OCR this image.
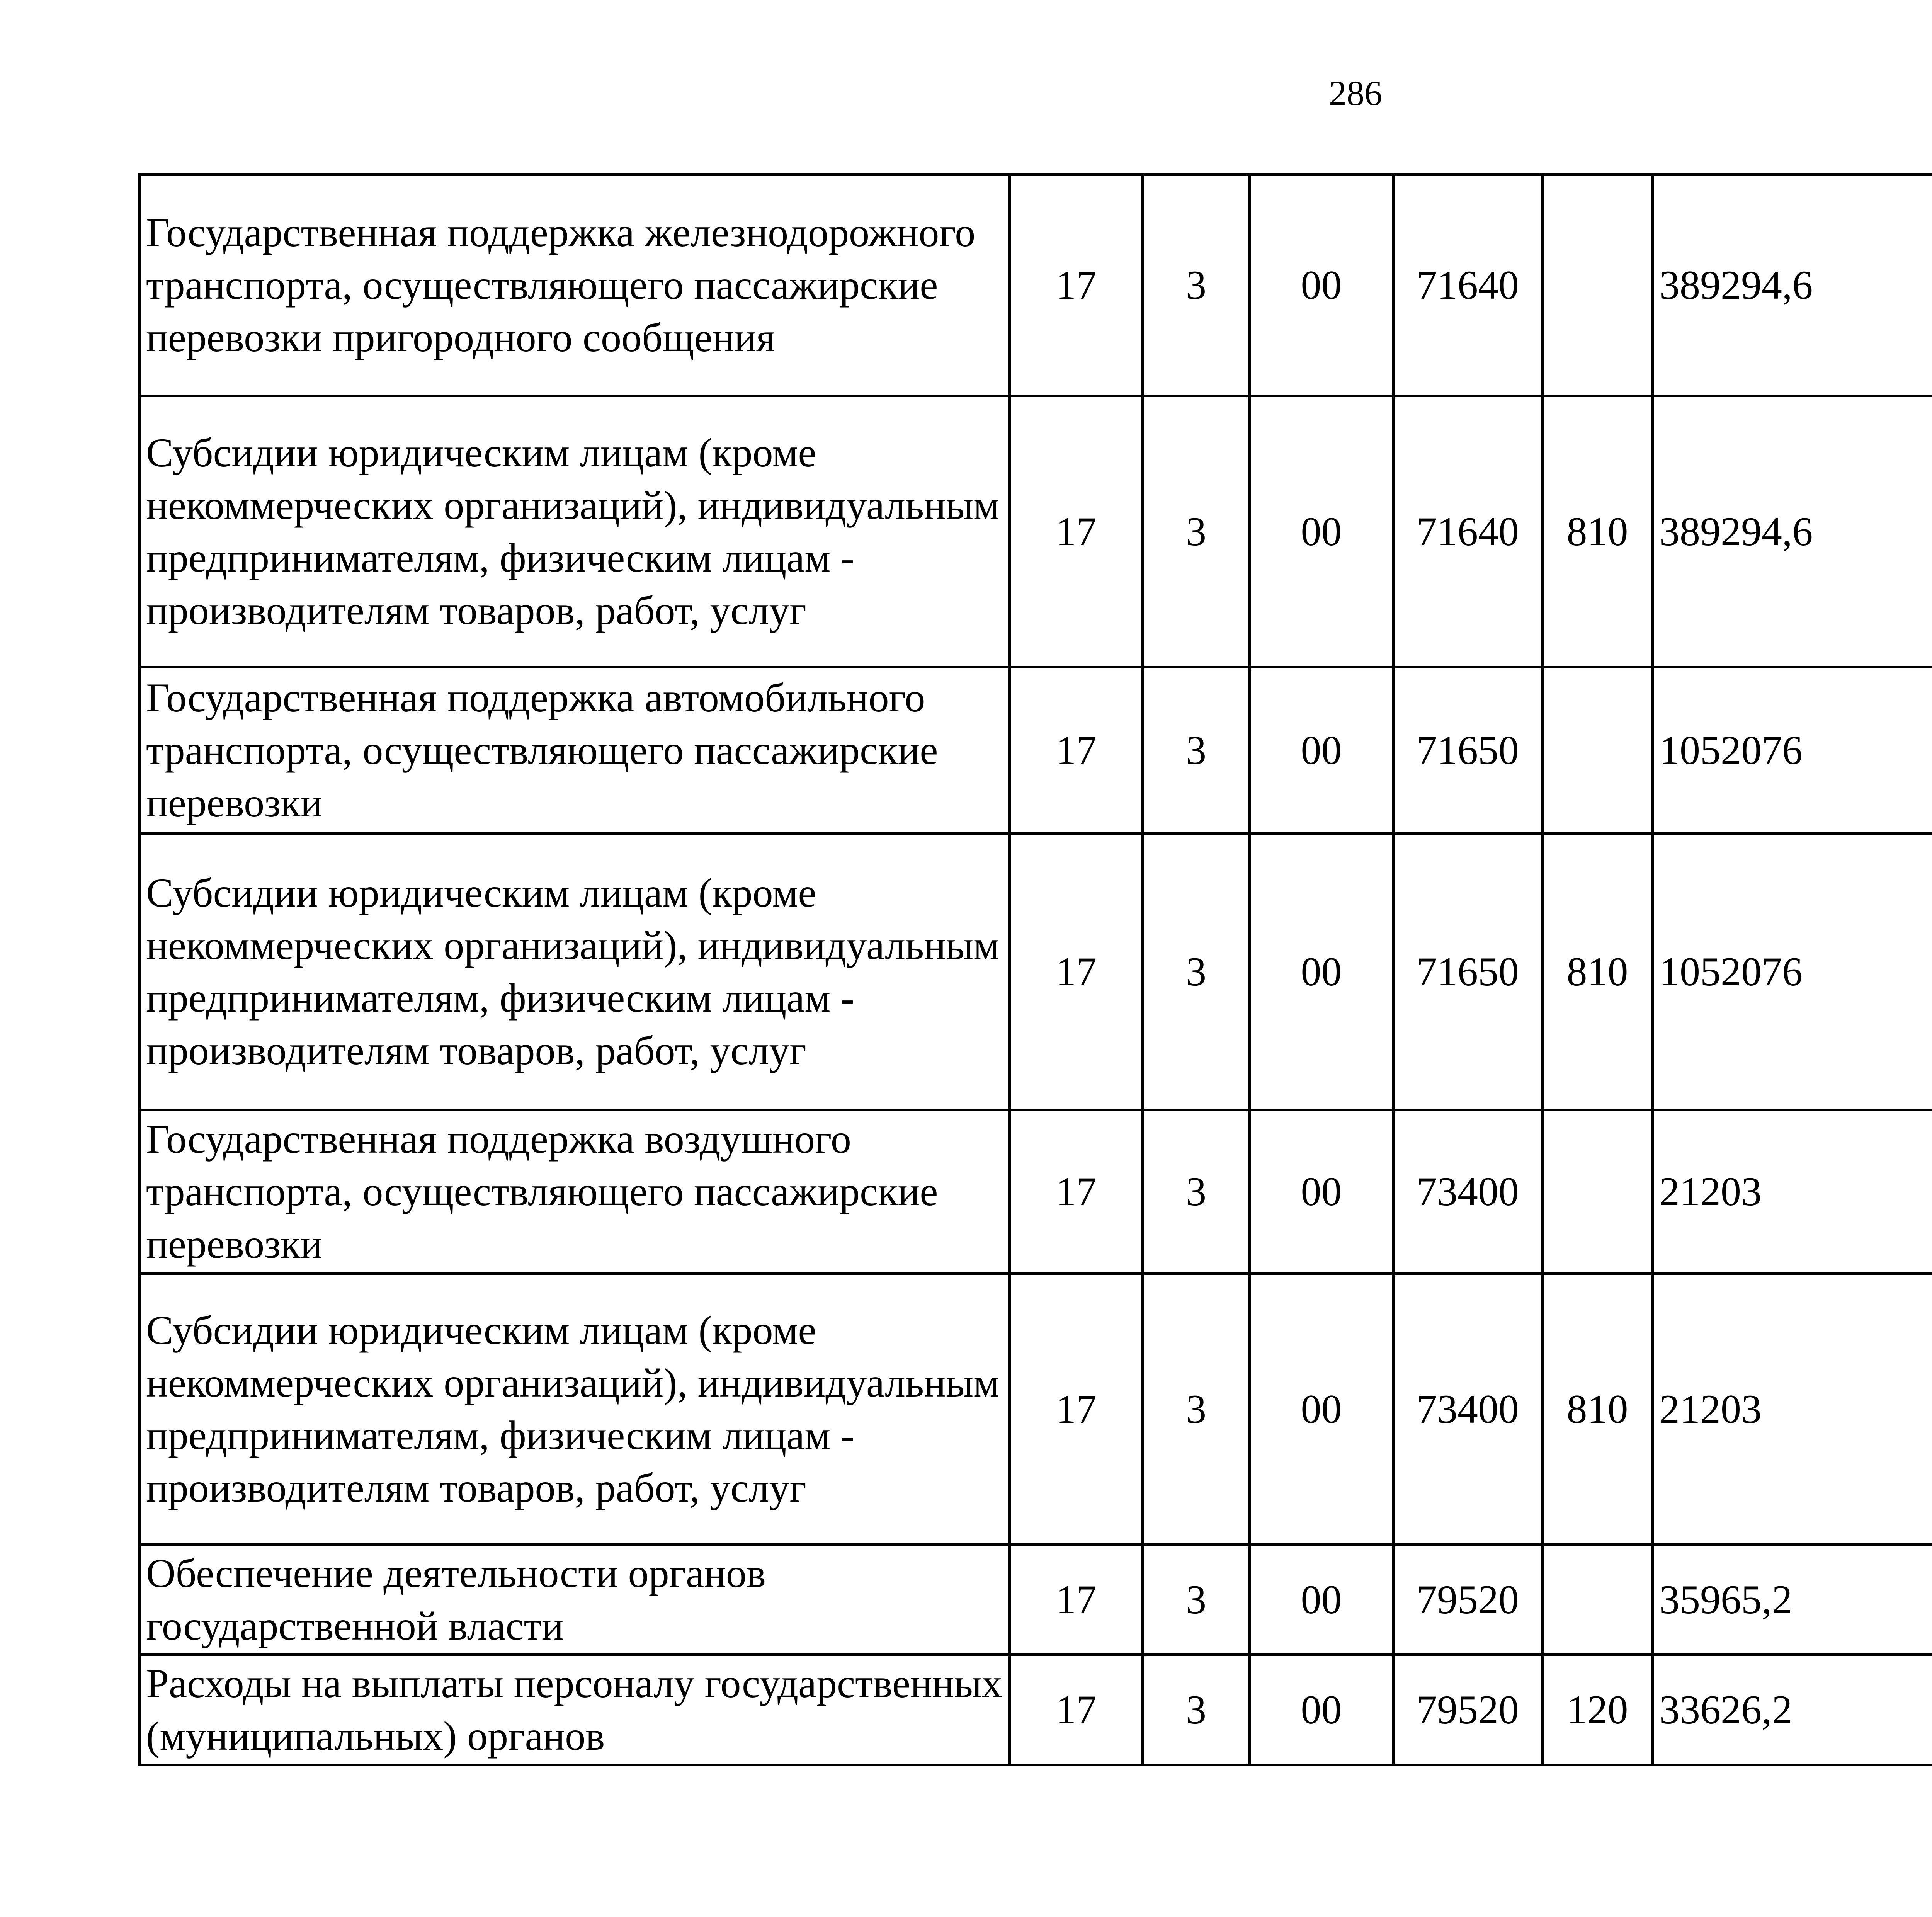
286
Государственная поддержка железнодорожного транспорта, осуществляющего пассажирские перевозки пригородного сообщения	17	3	00	71640		389294,6		
Субсидии юридическим лицам (кроме некоммерческих организаций), индивидуальным предпринимателям, физическим лицам - производителям товаров, работ, услуг	17	3	00	71640	810	389294,6		
Государственная поддержка автомобильного транспорта, осуществляющего пассажирские перевозки	17	3	00	71650		1052076		
Субсидии юридическим лицам (кроме некоммерческих организаций), индивидуальным предпринимателям, физическим лицам - производителям товаров, работ, услуг	17	3	00	71650	810	1052076		
Государственная поддержка воздушного транспорта, осуществляющего пассажирские перевозки	17	3	00	73400		21203		
Субсидии юридическим лицам (кроме некоммерческих организаций), индивидуальным предпринимателям, физическим лицам - производителям товаров, работ, услуг	17	3	00	73400	810	21203		
Обеспечение деятельности органов государственной власти	17	3	00	79520		35965,2		
Расходы на выплаты персоналу государственных (муниципальных) органов	17	3	00	79520	120	33626,2		
